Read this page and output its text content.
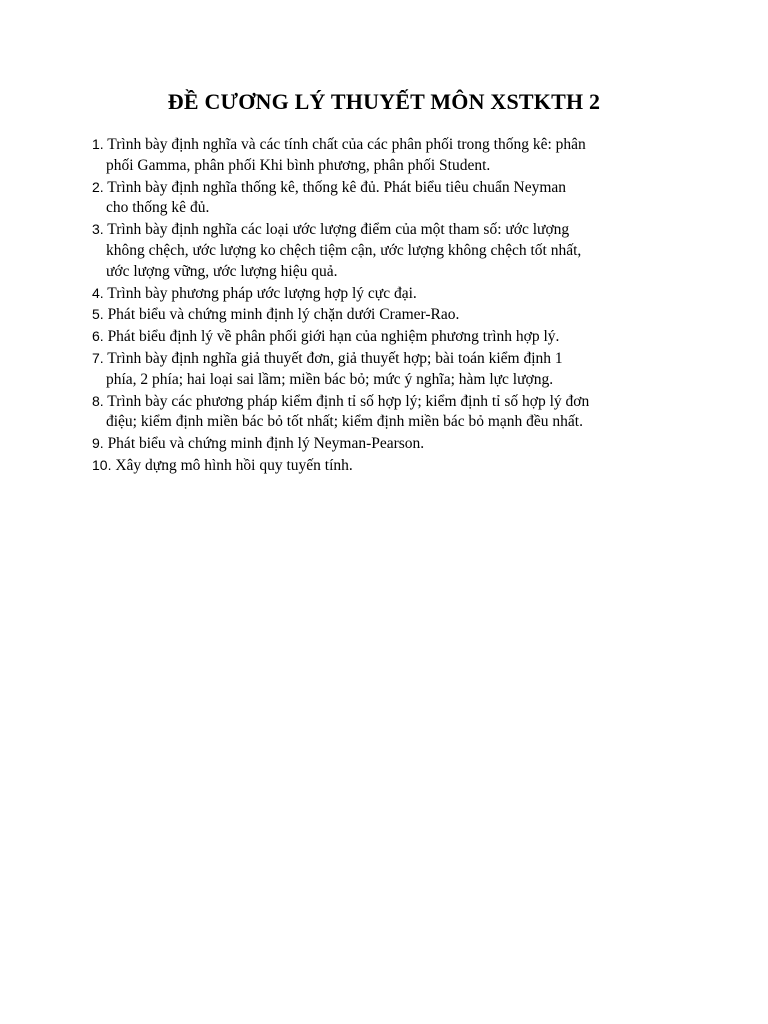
ĐỀ CƯƠNG LÝ THUYẾT MÔN XSTKTH 2
1. Trình bày định nghĩa và các tính chất của các phân phối trong thống kê: phân
phối Gamma, phân phối Khi bình phương, phân phối Student.
2. Trình bày định nghĩa thống kê, thống kê đủ. Phát biểu tiêu chuẩn Neyman
cho thống kê đủ.
3. Trình bày định nghĩa các loại ước lượng điểm của một tham số: ước lượng
không chệch, ước lượng ko chệch tiệm cận, ước lượng không chệch tốt nhất,
ước lượng vững, ước lượng hiệu quả.
4. Trình bày phương pháp ước lượng hợp lý cực đại.
5. Phát biểu và chứng minh định lý chặn dưới Cramer-Rao.
6. Phát biểu định lý về phân phối giới hạn của nghiệm phương trình hợp lý.
7. Trình bày định nghĩa giả thuyết đơn, giả thuyết hợp; bài toán kiểm định 1
phía, 2 phía; hai loại sai lầm; miền bác bỏ; mức ý nghĩa; hàm lực lượng.
8. Trình bày các phương pháp kiểm định tỉ số hợp lý; kiểm định tỉ số hợp lý đơn
điệu; kiểm định miền bác bỏ tốt nhất; kiểm định miền bác bỏ mạnh đều nhất.
9. Phát biểu và chứng minh định lý Neyman-Pearson.
10. Xây dựng mô hình hồi quy tuyến tính.
